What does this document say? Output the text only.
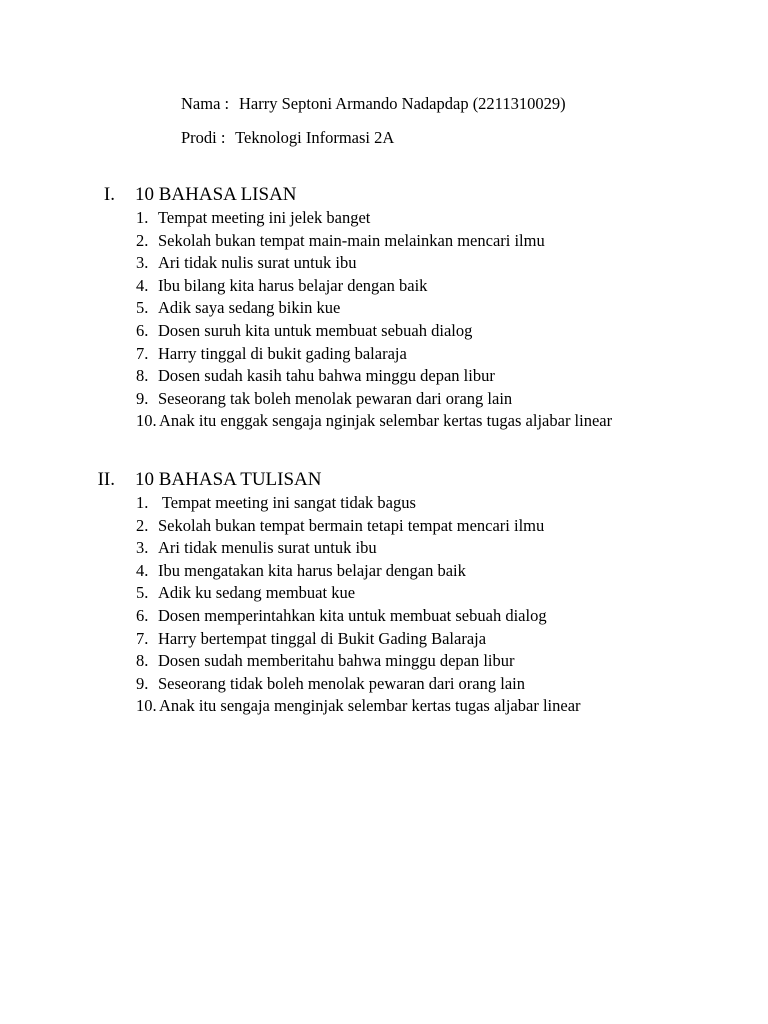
Nama : Harry Septoni Armando Nadapdap (2211310029)
Prodi : Teknologi Informasi 2A
I. 10 BAHASA LISAN
1. Tempat meeting ini jelek banget
2. Sekolah bukan tempat main-main melainkan mencari ilmu
3. Ari tidak nulis surat untuk ibu
4. Ibu bilang kita harus belajar dengan baik
5. Adik saya sedang bikin kue
6. Dosen suruh kita untuk membuat sebuah dialog
7. Harry tinggal di bukit gading balaraja
8. Dosen sudah kasih tahu bahwa minggu depan libur
9. Seseorang tak boleh menolak pewaran dari orang lain
10. Anak itu enggak sengaja nginjak selembar kertas tugas aljabar linear
II. 10 BAHASA TULISAN
1. Tempat meeting ini sangat tidak bagus
2. Sekolah bukan tempat bermain tetapi tempat mencari ilmu
3. Ari tidak menulis surat untuk ibu
4. Ibu mengatakan kita harus belajar dengan baik
5. Adik ku sedang membuat kue
6. Dosen memperintahkan kita untuk membuat sebuah dialog
7. Harry bertempat tinggal di Bukit Gading Balaraja
8. Dosen sudah memberitahu bahwa minggu depan libur
9. Seseorang tidak boleh menolak pewaran dari orang lain
10. Anak itu sengaja menginjak selembar kertas tugas aljabar linear
